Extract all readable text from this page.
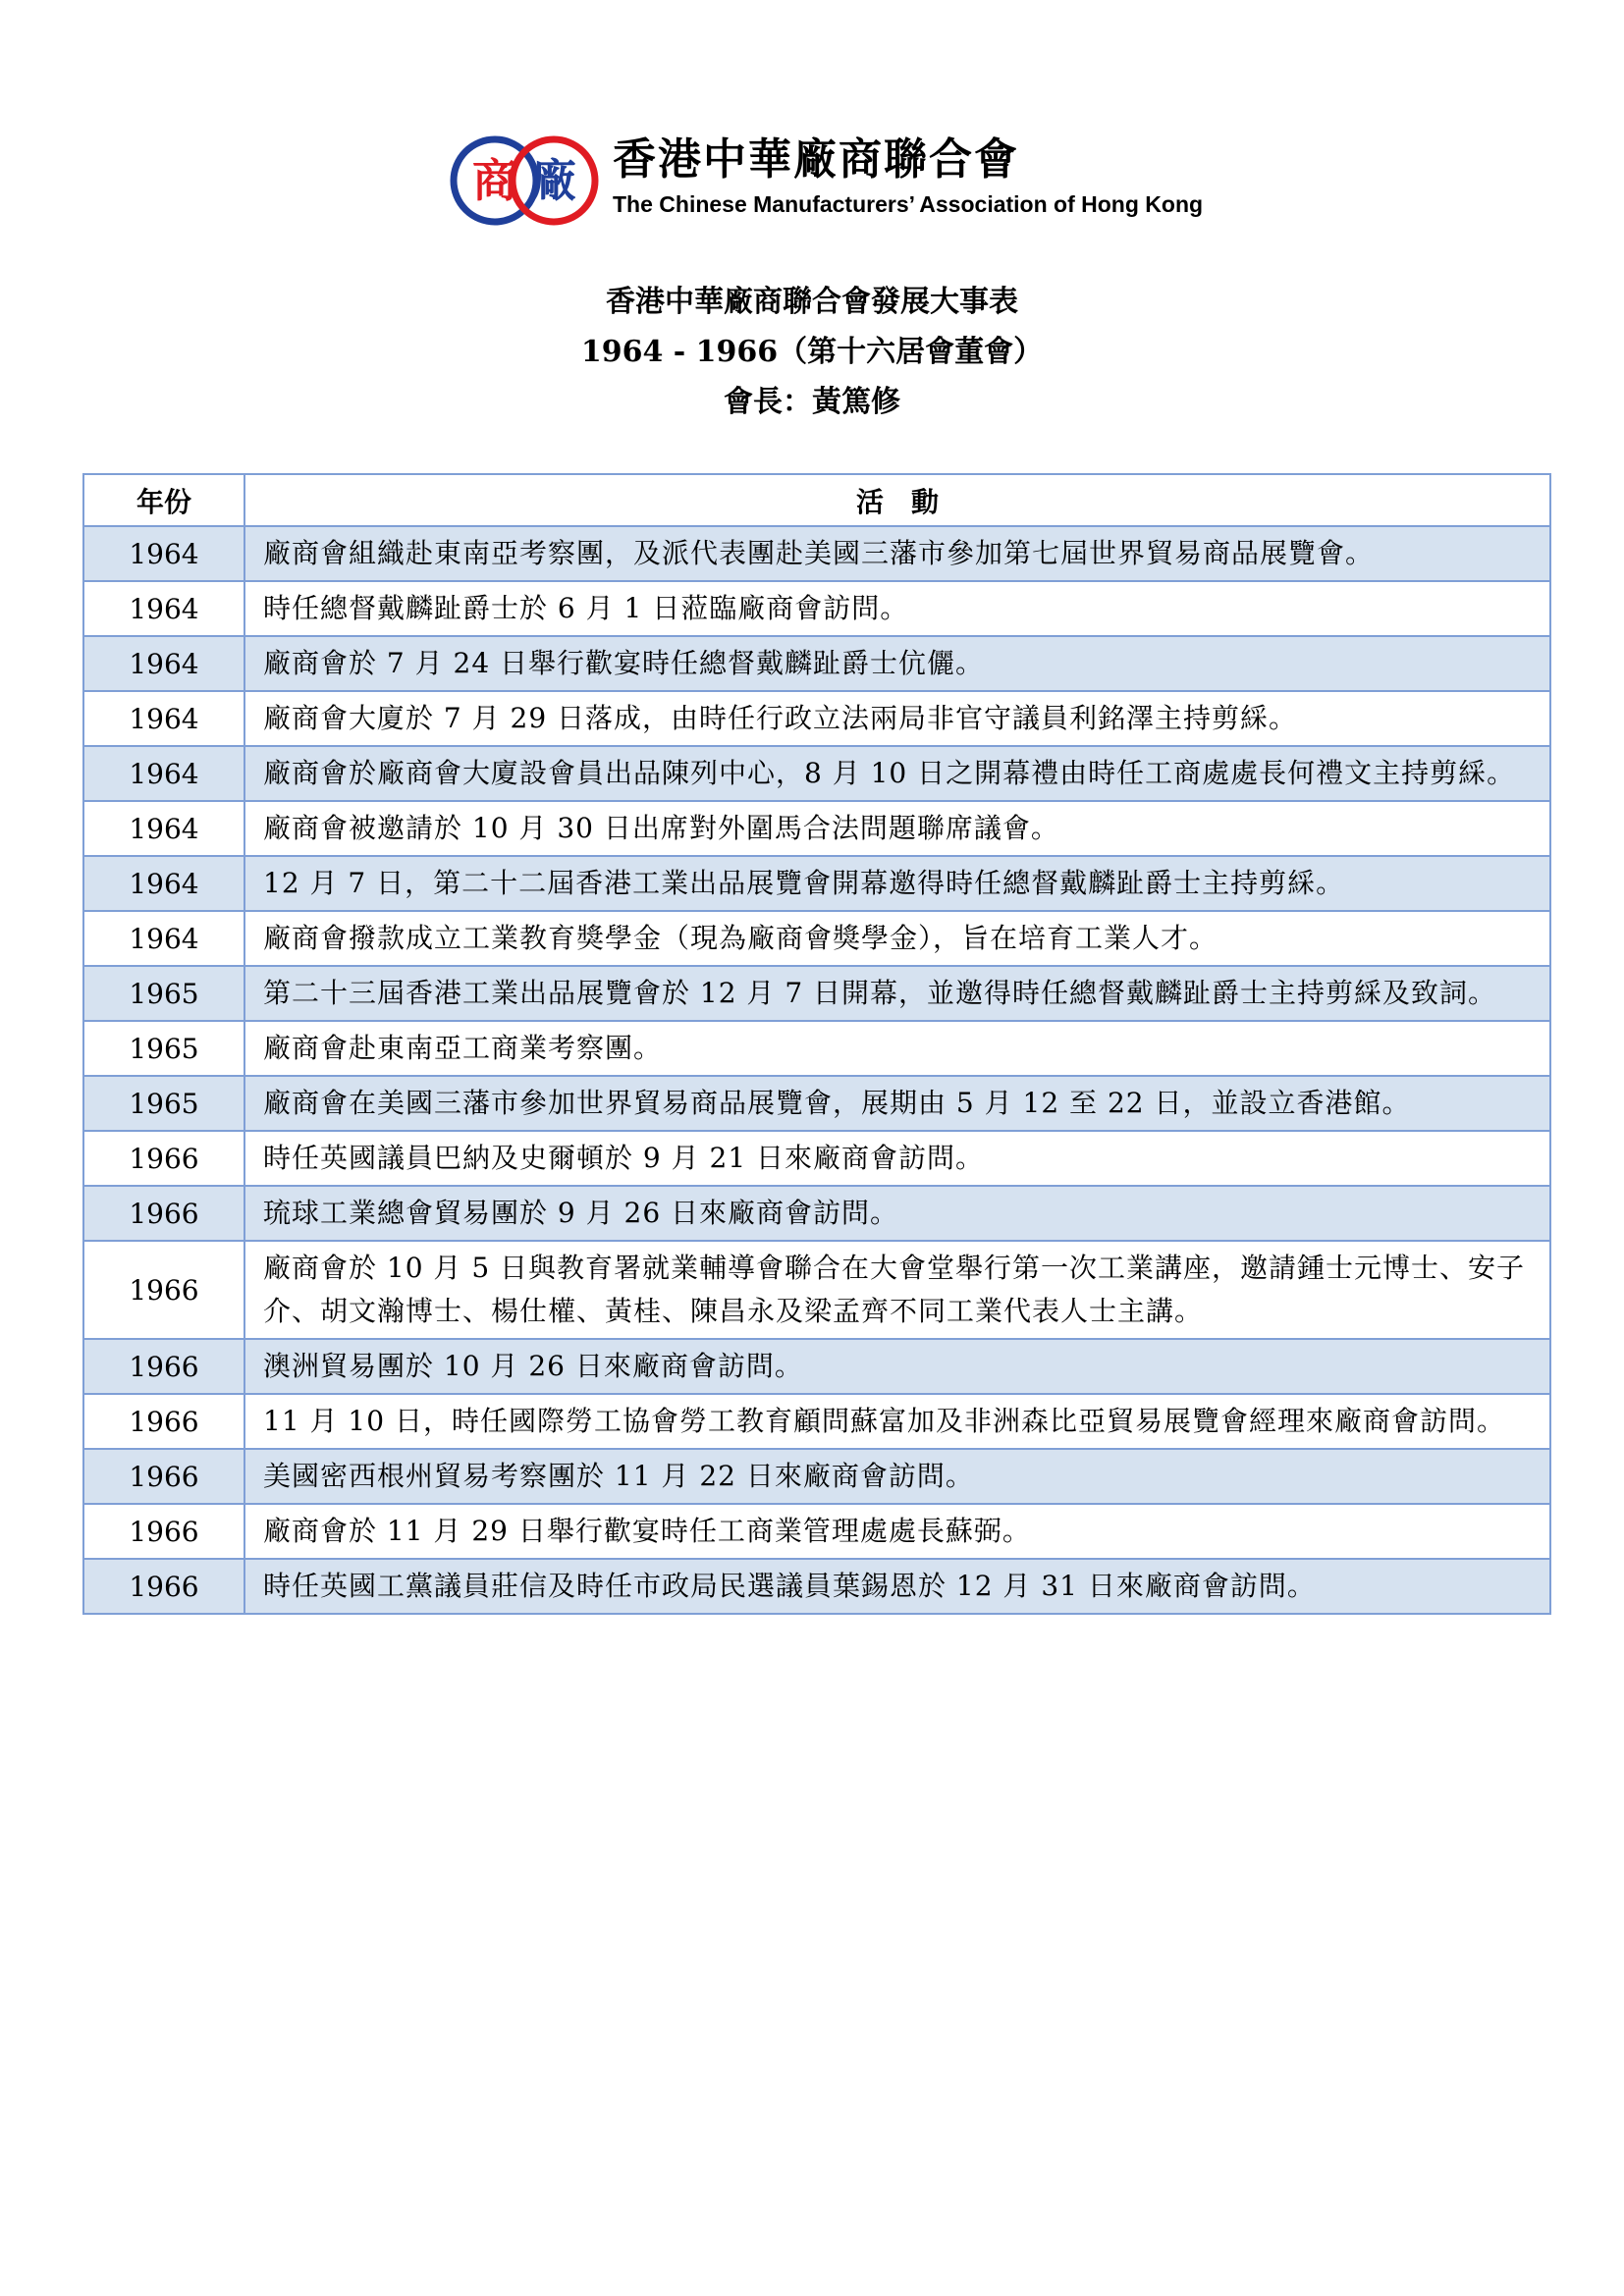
商 廠 香港中華廠商聯合會
The Chinese Manufacturers’ Association of Hong Kong
香港中華廠商聯合會發展大事表
1964 - 1966（第十六居會董會）
會長：黃篤修
年份	活　動
1964	廠商會組織赴東南亞考察團，及派代表團赴美國三藩市參加第七屆世界貿易商品展覽會。
1964	時任總督戴麟趾爵士於 6 月 1 日蒞臨廠商會訪問。
1964	廠商會於 7 月 24 日舉行歡宴時任總督戴麟趾爵士伉儷。
1964	廠商會大廈於 7 月 29 日落成，由時任行政立法兩局非官守議員利銘澤主持剪綵。
1964	廠商會於廠商會大廈設會員出品陳列中心，8 月 10 日之開幕禮由時任工商處處長何禮文主持剪綵。
1964	廠商會被邀請於 10 月 30 日出席對外圍馬合法問題聯席議會。
1964	12 月 7 日，第二十二屆香港工業出品展覽會開幕邀得時任總督戴麟趾爵士主持剪綵。
1964	廠商會撥款成立工業教育獎學金（現為廠商會獎學金），旨在培育工業人才。
1965	第二十三屆香港工業出品展覽會於 12 月 7 日開幕，並邀得時任總督戴麟趾爵士主持剪綵及致詞。
1965	廠商會赴東南亞工商業考察團。
1965	廠商會在美國三藩市參加世界貿易商品展覽會，展期由 5 月 12 至 22 日，並設立香港館。
1966	時任英國議員巴納及史爾頓於 9 月 21 日來廠商會訪問。
1966	琉球工業總會貿易團於 9 月 26 日來廠商會訪問。
1966	廠商會於 10 月 5 日與教育署就業輔導會聯合在大會堂舉行第一次工業講座，邀請鍾士元博士、安子介、胡文瀚博士、楊仕權、黃桂、陳昌永及梁孟齊不同工業代表人士主講。
1966	澳洲貿易團於 10 月 26 日來廠商會訪問。
1966	11 月 10 日，時任國際勞工協會勞工教育顧問蘇富加及非洲森比亞貿易展覽會經理來廠商會訪問。
1966	美國密西根州貿易考察團於 11 月 22 日來廠商會訪問。
1966	廠商會於 11 月 29 日舉行歡宴時任工商業管理處處長蘇弼。
1966	時任英國工黨議員莊信及時任市政局民選議員葉錫恩於 12 月 31 日來廠商會訪問。
